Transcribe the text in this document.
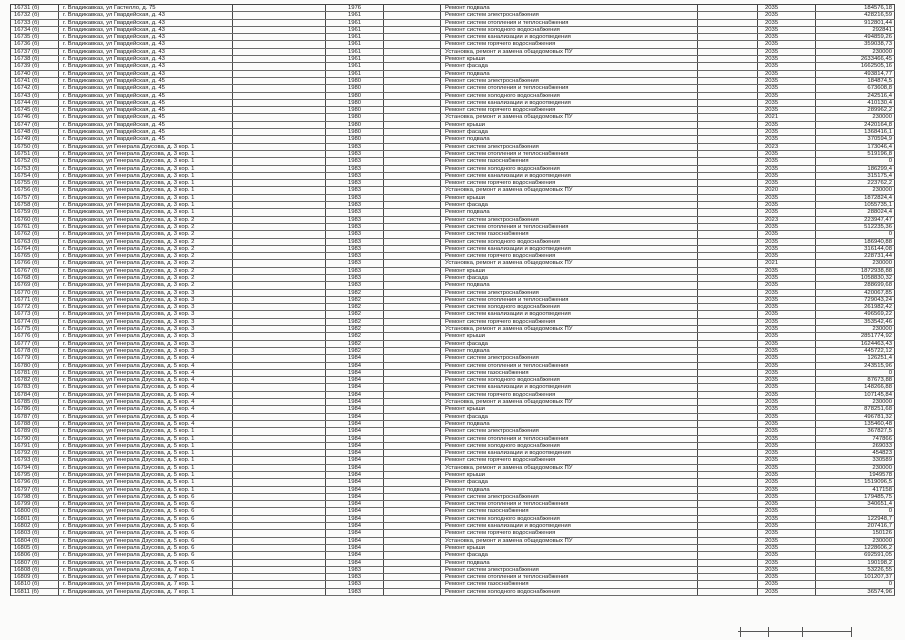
16731 (б)	г. Владикавказ, ул Гастелло, д. 75	1976	Ремонт подвала	2035	184576,18
16732 (б)	г. Владикавказ, ул Гвардейская, д. 43	1961	Ремонт систем электроснабжения	2035	428216,59
16733 (б)	г. Владикавказ, ул Гвардейская, д. 43	1961	Ремонт систем отопления и теплоснабжения	2035	912801,44
16734 (б)	г. Владикавказ, ул Гвардейская, д. 43	1961	Ремонт систем холодного водоснабжения	2035	292841
16735 (б)	г. Владикавказ, ул Гвардейская, д. 43	1961	Ремонт систем канализации и водоотведения	2035	494859,26
16736 (б)	г. Владикавказ, ул Гвардейская, д. 43	1961	Ремонт систем горячего водоснабжения	2035	359038,73
16737 (б)	г. Владикавказ, ул Гвардейская, д. 43	1961	Установка, ремонт и замена общедомовых ПУ	2035	230000
16738 (б)	г. Владикавказ, ул Гвардейская, д. 43	1961	Ремонт крыши	2035	2633466,45
16739 (б)	г. Владикавказ, ул Гвардейская, д. 43	1961	Ремонт фасада	2035	1662505,16
16740 (б)	г. Владикавказ, ул Гвардейская, д. 43	1961	Ремонт подвала	2035	493814,77
16741 (б)	г. Владикавказ, ул Гвардейская, д. 45	1980	Ремонт систем электроснабжения	2035	184874,5
16742 (б)	г. Владикавказ, ул Гвардейская, д. 45	1980	Ремонт систем отопления и теплоснабжения	2035	673608,8
16743 (б)	г. Владикавказ, ул Гвардейская, д. 45	1980	Ремонт систем холодного водоснабжения	2035	242516,4
16744 (б)	г. Владикавказ, ул Гвардейская, д. 45	1980	Ремонт систем канализации и водоотведения	2035	410130,4
16745 (б)	г. Владикавказ, ул Гвардейская, д. 45	1980	Ремонт систем горячего водоснабжения	2035	289962,2
16746 (б)	г. Владикавказ, ул Гвардейская, д. 45	1980	Установка, ремонт и замена общедомовых ПУ	2021	230000
16747 (б)	г. Владикавказ, ул Гвардейская, д. 45	1980	Ремонт крыши	2035	2420164,8
16748 (б)	г. Владикавказ, ул Гвардейская, д. 45	1980	Ремонт фасада	2035	1368416,1
16749 (б)	г. Владикавказ, ул Гвардейская, д. 45	1980	Ремонт подвала	2035	370594,9
16750 (б)	г. Владикавказ, ул Генерала Дзусова, д. 3 кор. 1	1983	Ремонт систем электроснабжения	2023	173046,4
16751 (б)	г. Владикавказ, ул Генерала Дзусова, д. 3 кор. 1	1983	Ремонт систем отопления и теплоснабжения	2035	519196,8
16752 (б)	г. Владикавказ, ул Генерала Дзусова, д. 3 кор. 1	1983	Ремонт систем газоснабжения	2035	0
16753 (б)	г. Владикавказ, ул Генерала Дзусова, д. 3 кор. 1	1983	Ремонт систем холодного водоснабжения	2035	186299,4
16754 (б)	г. Владикавказ, ул Генерала Дзусова, д. 3 кор. 1	1983	Ремонт систем канализации и водоотведения	2035	315175,4
16755 (б)	г. Владикавказ, ул Генерала Дзусова, д. 3 кор. 1	1983	Ремонт систем горячего водоснабжения	2035	223762,2
16756 (б)	г. Владикавказ, ул Генерала Дзусова, д. 3 кор. 1	1983	Установка, ремонт и замена общедомовых ПУ	2020	230000
16757 (б)	г. Владикавказ, ул Генерала Дзусова, д. 3 кор. 1	1983	Ремонт крыши	2035	1872824,4
16758 (б)	г. Владикавказ, ул Генерала Дзусова, д. 3 кор. 1	1983	Ремонт фасада	2035	1055735,1
16759 (б)	г. Владикавказ, ул Генерала Дзусова, д. 3 кор. 1	1983	Ремонт подвала	2035	288024,4
16760 (б)	г. Владикавказ, ул Генерала Дзусова, д. 3 кор. 2	1983	Ремонт систем электроснабжения	2023	223947,47
16761 (б)	г. Владикавказ, ул Генерала Дзусова, д. 3 кор. 2	1983	Ремонт систем отопления и теплоснабжения	2035	512235,36
16762 (б)	г. Владикавказ, ул Генерала Дзусова, д. 3 кор. 2	1983	Ремонт систем газоснабжения	2035	0
16763 (б)	г. Владикавказ, ул Генерала Дзусова, д. 3 кор. 2	1983	Ремонт систем холодного водоснабжения	2035	186940,88
16764 (б)	г. Владикавказ, ул Генерала Дзусова, д. 3 кор. 2	1983	Ремонт систем канализации и водоотведения	2035	316144,08
16765 (б)	г. Владикавказ, ул Генерала Дзусова, д. 3 кор. 2	1983	Ремонт систем горячего водоснабжения	2035	228731,44
16766 (б)	г. Владикавказ, ул Генерала Дзусова, д. 3 кор. 2	1983	Установка, ремонт и замена общедомовых ПУ	2021	230000
16767 (б)	г. Владикавказ, ул Генерала Дзусова, д. 3 кор. 2	1983	Ремонт крыши	2035	1872938,88
16768 (б)	г. Владикавказ, ул Генерала Дзусова, д. 3 кор. 2	1983	Ремонт фасада	2035	1058830,32
16769 (б)	г. Владикавказ, ул Генерала Дзусова, д. 3 кор. 2	1983	Ремонт подвала	2035	288699,68
16770 (б)	г. Владикавказ, ул Генерала Дзусова, д. 3 кор. 3	1982	Ремонт систем электроснабжения	2035	420067,85
16771 (б)	г. Владикавказ, ул Генерала Дзусова, д. 3 кор. 3	1982	Ремонт систем отопления и теплоснабжения	2035	729043,24
16772 (б)	г. Владикавказ, ул Генерала Дзусова, д. 3 кор. 3	1982	Ремонт систем холодного водоснабжения	2035	261982,42
16773 (б)	г. Владикавказ, ул Генерала Дзусова, д. 3 кор. 3	1982	Ремонт систем канализации и водоотведения	2035	496569,22
16774 (б)	г. Владикавказ, ул Генерала Дзусова, д. 3 кор. 3	1982	Ремонт систем горячего водоснабжения	2035	353542,46
16775 (б)	г. Владикавказ, ул Генерала Дзусова, д. 3 кор. 3	1982	Установка, ремонт и замена общедомовых ПУ	2035	230000
16776 (б)	г. Владикавказ, ул Генерала Дзусова, д. 3 кор. 3	1982	Ремонт крыши	2035	2851774,92
16777 (б)	г. Владикавказ, ул Генерала Дзусова, д. 3 кор. 3	1982	Ремонт фасада	2035	1624463,43
16778 (б)	г. Владикавказ, ул Генерала Дзусова, д. 3 кор. 3	1982	Ремонт подвала	2035	445722,12
16779 (б)	г. Владикавказ, ул Генерала Дзусова, д. 5 кор. 4	1984	Ремонт систем электроснабжения	2035	126251,4
16780 (б)	г. Владикавказ, ул Генерала Дзусова, д. 5 кор. 4	1984	Ремонт систем отопления и теплоснабжения	2035	243515,96
16781 (б)	г. Владикавказ, ул Генерала Дзусова, д. 5 кор. 4	1984	Ремонт систем газоснабжения	2035	0
16782 (б)	г. Владикавказ, ул Генерала Дзусова, д. 5 кор. 4	1984	Ремонт систем холодного водоснабжения	2035	87673,88
16783 (б)	г. Владикавказ, ул Генерала Дзусова, д. 5 кор. 4	1984	Ремонт систем канализации и водоотведения	2035	148266,88
16784 (б)	г. Владикавказ, ул Генерала Дзусова, д. 5 кор. 4	1984	Ремонт систем горячего водоснабжения	2035	107145,84
16785 (б)	г. Владикавказ, ул Генерала Дзусова, д. 5 кор. 4	1984	Установка, ремонт и замена общедомовых ПУ	2035	230000
16786 (б)	г. Владикавказ, ул Генерала Дзусова, д. 5 кор. 4	1984	Ремонт крыши	2035	878251,68
16787 (б)	г. Владикавказ, ул Генерала Дзусова, д. 5 кор. 4	1984	Ремонт фасада	2035	496781,32
16788 (б)	г. Владикавказ, ул Генерала Дзусова, д. 5 кор. 4	1984	Ремонт подвала	2035	135460,48
16789 (б)	г. Владикавказ, ул Генерала Дзусова, д. 5 кор. 1	1984	Ремонт систем электроснабжения	2035	367827,5
16790 (б)	г. Владикавказ, ул Генерала Дзусова, д. 5 кор. 1	1984	Ремонт систем отопления и теплоснабжения	2035	747866
16791 (б)	г. Владикавказ, ул Генерала Дзусова, д. 5 кор. 1	1984	Ремонт систем холодного водоснабжения	2035	269033
16792 (б)	г. Владикавказ, ул Генерала Дзусова, д. 5 кор. 1	1984	Ремонт систем канализации и водоотведения	2035	454823
16793 (б)	г. Владикавказ, ул Генерала Дзусова, д. 5 кор. 1	1984	Ремонт систем горячего водоснабжения	2035	330589
16794 (б)	г. Владикавказ, ул Генерала Дзусова, д. 5 кор. 1	1984	Установка, ремонт и замена общедомовых ПУ	2035	230000
16795 (б)	г. Владикавказ, ул Генерала Дзусова, д. 5 кор. 1	1984	Ремонт крыши	2035	1949578
16796 (б)	г. Владикавказ, ул Генерала Дзусова, д. 5 кор. 1	1984	Ремонт фасада	2035	1519096,5
16797 (б)	г. Владикавказ, ул Генерала Дзусова, д. 5 кор. 1	1984	Ремонт подвала	2035	417158
16798 (б)	г. Владикавказ, ул Генерала Дзусова, д. 5 кор. 6	1984	Ремонт систем электроснабжения	2035	179485,75
16799 (б)	г. Владикавказ, ул Генерала Дзусова, д. 5 кор. 6	1984	Ремонт систем отопления и теплоснабжения	2035	340651,4
16800 (б)	г. Владикавказ, ул Генерала Дзусова, д. 5 кор. 6	1984	Ремонт систем газоснабжения	2035	0
16801 (б)	г. Владикавказ, ул Генерала Дзусова, д. 5 кор. 6	1984	Ремонт систем холодного водоснабжения	2035	122948,7
16802 (б)	г. Владикавказ, ул Генерала Дзусова, д. 5 кор. 6	1984	Ремонт систем канализации и водоотведения	2035	207416,7
16803 (б)	г. Владикавказ, ул Генерала Дзусова, д. 5 кор. 6	1984	Ремонт систем горячего водоснабжения	2035	150126
16804 (б)	г. Владикавказ, ул Генерала Дзусова, д. 5 кор. 6	1984	Установка, ремонт и замена общедомовых ПУ	2035	230000
16805 (б)	г. Владикавказ, ул Генерала Дзусова, д. 5 кор. 6	1984	Ремонт крыши	2035	1228606,2
16806 (б)	г. Владикавказ, ул Генерала Дзусова, д. 5 кор. 6	1984	Ремонт фасада	2035	692591,05
16807 (б)	г. Владикавказ, ул Генерала Дзусова, д. 5 кор. 6	1984	Ремонт подвала	2035	190198,2
16808 (б)	г. Владикавказ, ул Генерала Дзусова, д. 7 кор. 1	1983	Ремонт систем электроснабжения	2035	53226,55
16809 (б)	г. Владикавказ, ул Генерала Дзусова, д. 7 кор. 1	1983	Ремонт систем отопления и теплоснабжения	2035	101207,37
16810 (б)	г. Владикавказ, ул Генерала Дзусова, д. 7 кор. 1	1983	Ремонт систем газоснабжения	2035	0
16811 (б)	г. Владикавказ, ул Генерала Дзусова, д. 7 кор. 1	1983	Ремонт систем холодного водоснабжения	2035	36574,96
